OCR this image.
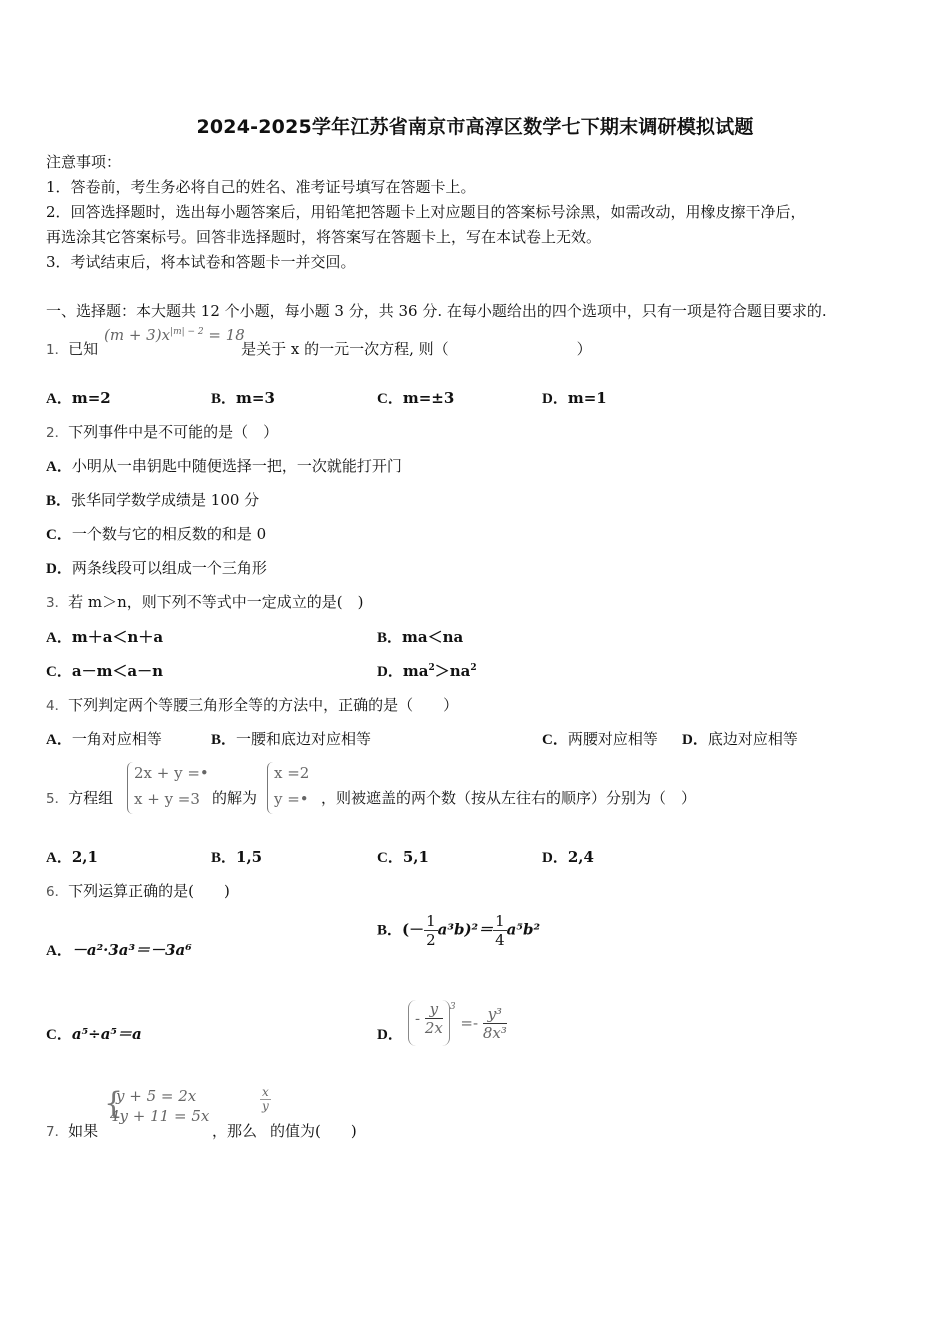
2024-2025学年江苏省南京市高淳区数学七下期末调研模拟试题
注意事项：
1．答卷前，考生务必将自己的姓名、准考证号填写在答题卡上。
2．回答选择题时，选出每小题答案后，用铅笔把答题卡上对应题目的答案标号涂黑，如需改动，用橡皮擦干净后，
再选涂其它答案标号。回答非选择题时，将答案写在答题卡上，写在本试卷上无效。
3．考试结束后，将本试卷和答题卡一并交回。
一、选择题：本大题共 12 个小题，每小题 3 分，共 36 分. 在每小题给出的四个选项中，只有一项是符合题目要求的.
1．已知	是关于 x 的一元一次方程, 则（	）
$(m + 3)x^{|m| - 2} = 18$
A．m=2	B．m=3	C．m=±3	D．m=1
2．下列事件中是不可能的是（　）
A．小明从一串钥匙中随便选择一把，一次就能打开门
B．张华同学数学成绩是 100 分
C．一个数与它的相反数的和是 0
D．两条线段可以组成一个三角形
3．若 m＞n，则下列不等式中一定成立的是(　)
A．m＋a＜n＋a	B．ma＜na
C．a－m＜a－n	D．$ma^2>na^2$
4．下列判定两个等腰三角形全等的方法中，正确的是（　　）
A．一角对应相等	B．一腰和底边对应相等	C．两腰对应相等 D．底边对应相等
5．方程组
2x + y =•
x + y =3 的解为
x =2
y =• ，则被遮盖的两个数（按从左往右的顺序）分别为（　）
A．2,1	B．1,5	C．5,1	D．2,4
6．下列运算正确的是(　　)
A．－a²·3a³＝－3a⁶
B．(－ $\frac{1}{2} a^3b)^2= \frac{1}{4} a^5b^2$
C．a⁵÷a⁵＝a	D．
- $\frac{y}{2x} ^3 =- \frac{\text{y³}}{\text{8x³}}$
7．如果
{
y + 5 = 2x
4y + 11 = 5x
，那么
$\frac{x}{y}$
的值为(　　)
